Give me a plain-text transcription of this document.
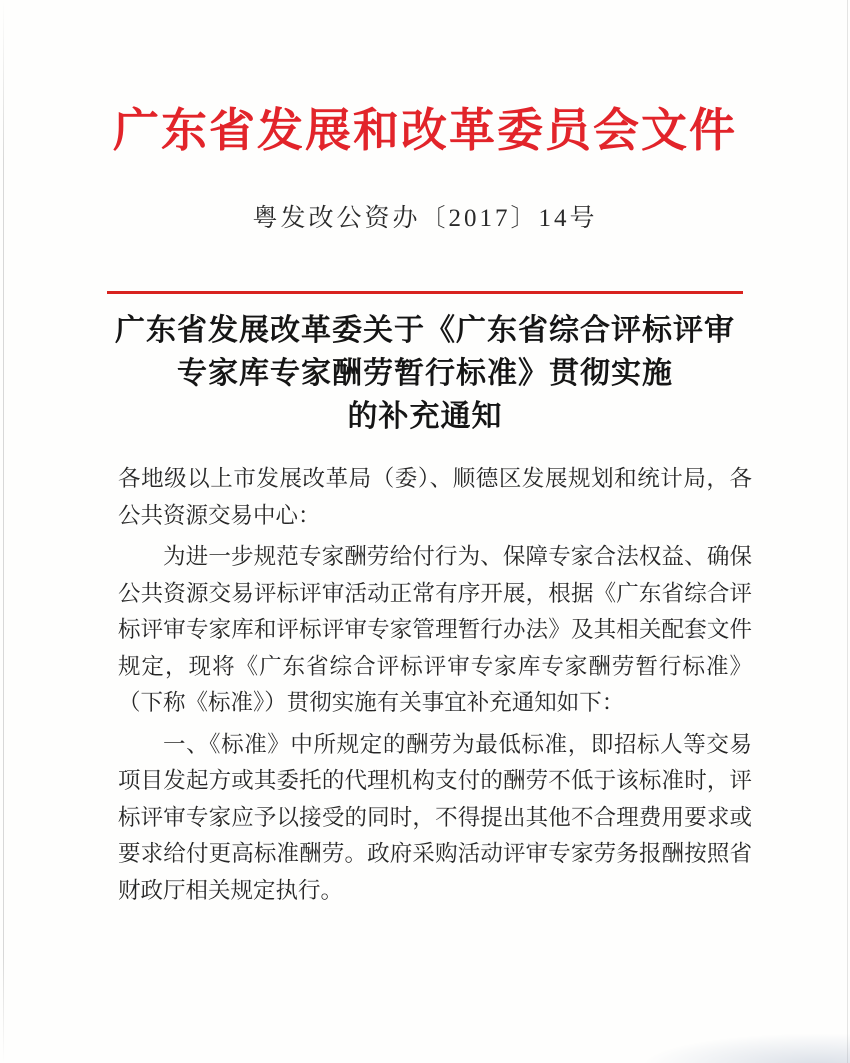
广东省发展和改革委员会文件
粤发改公资办〔2017〕14号
广东省发展改革委关于《广东省综合评标评审
专家库专家酬劳暂行标准》贯彻实施
的补充通知
各地级以上市发展改革局（委）、顺德区发展规划和统计局，各公共资源交易中心：
为进一步规范专家酬劳给付行为、保障专家合法权益、确保公共资源交易评标评审活动正常有序开展，根据《广东省综合评标评审专家库和评标评审专家管理暂行办法》及其相关配套文件规定，现将《广东省综合评标评审专家库专家酬劳暂行标准》（下称《标准》）贯彻实施有关事宜补充通知如下：
一、《标准》中所规定的酬劳为最低标准，即招标人等交易项目发起方或其委托的代理机构支付的酬劳不低于该标准时，评标评审专家应予以接受的同时，不得提出其他不合理费用要求或要求给付更高标准酬劳。政府采购活动评审专家劳务报酬按照省财政厅相关规定执行。
